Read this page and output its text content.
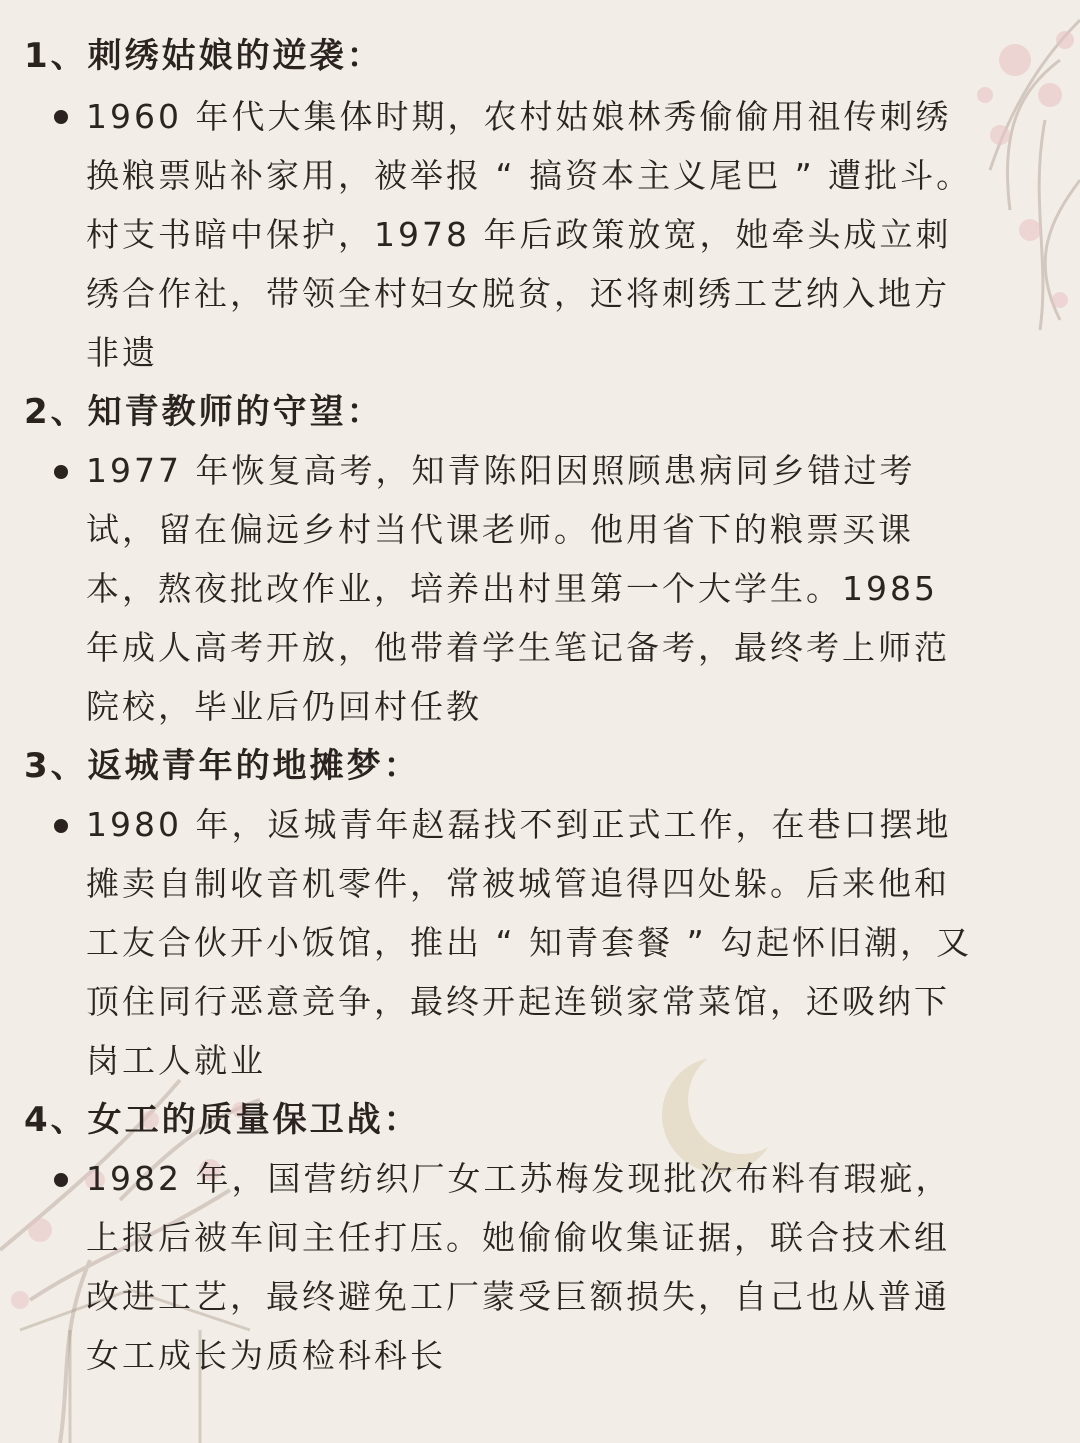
1、刺绣姑娘的逆袭：
1960 年代大集体时期，农村姑娘林秀偷偷用祖传刺绣
换粮票贴补家用，被举报 “ 搞资本主义尾巴 ” 遭批斗。
村支书暗中保护，1978 年后政策放宽，她牵头成立刺
绣合作社，带领全村妇女脱贫，还将刺绣工艺纳入地方
非遗
2、知青教师的守望：
1977 年恢复高考，知青陈阳因照顾患病同乡错过考
试，留在偏远乡村当代课老师。他用省下的粮票买课
本，熬夜批改作业，培养出村里第一个大学生。1985
年成人高考开放，他带着学生笔记备考，最终考上师范
院校，毕业后仍回村任教
3、返城青年的地摊梦：
1980 年，返城青年赵磊找不到正式工作，在巷口摆地
摊卖自制收音机零件，常被城管追得四处躲。后来他和
工友合伙开小饭馆，推出 “ 知青套餐 ” 勾起怀旧潮，又
顶住同行恶意竞争，最终开起连锁家常菜馆，还吸纳下
岗工人就业
4、女工的质量保卫战：
1982 年，国营纺织厂女工苏梅发现批次布料有瑕疵，
上报后被车间主任打压。她偷偷收集证据，联合技术组
改进工艺，最终避免工厂蒙受巨额损失，自己也从普通
女工成长为质检科科长
